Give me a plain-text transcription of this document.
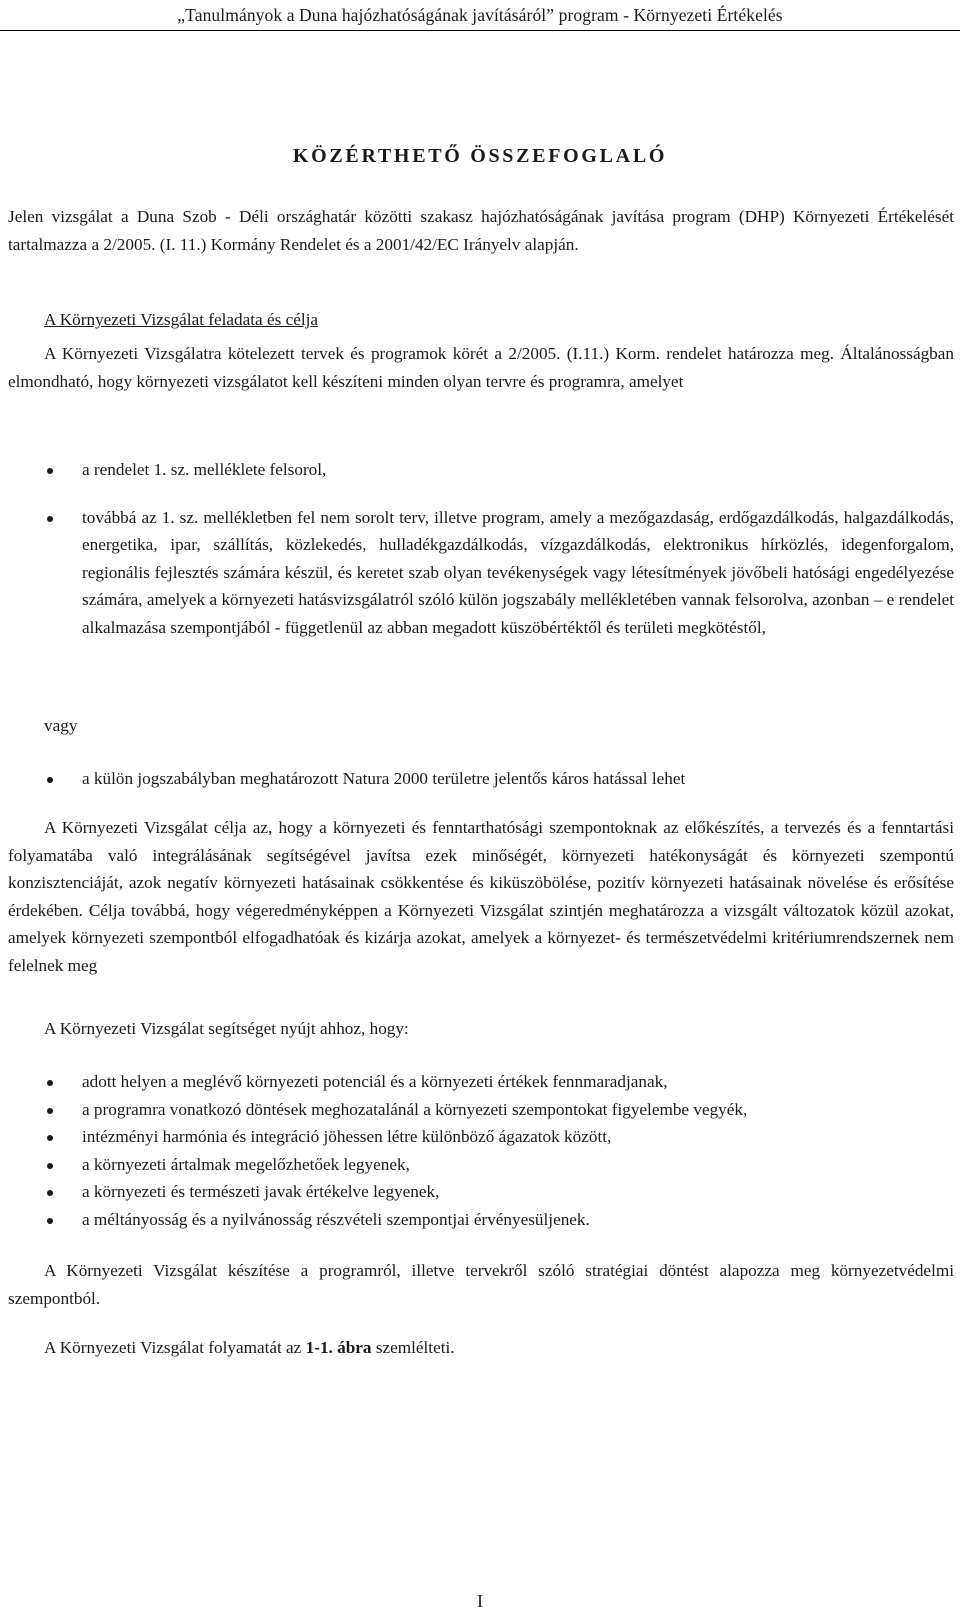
„Tanulmányok a Duna hajózhatóságának javításáról” program - Környezeti Értékelés
KÖZÉRTHETŐ ÖSSZEFOGLALÓ
Jelen vizsgálat a Duna Szob - Déli országhatár közötti szakasz hajózhatóságának javítása program (DHP) Környezeti Értékelését tartalmazza a 2/2005. (I. 11.) Kormány Rendelet és a 2001/42/EC Irányelv alapján.
A Környezeti Vizsgálat feladata és célja
A Környezeti Vizsgálatra kötelezett tervek és programok körét a 2/2005. (I.11.) Korm. rendelet határozza meg. Általánosságban elmondható, hogy környezeti vizsgálatot kell készíteni minden olyan tervre és programra, amelyet
a rendelet 1. sz. melléklete felsorol,
továbbá az 1. sz. mellékletben fel nem sorolt terv, illetve program, amely a mezőgazdaság, erdőgazdálkodás, halgazdálkodás, energetika, ipar, szállítás, közlekedés, hulladékgazdálkodás, vízgazdálkodás, elektronikus hírközlés, idegenforgalom, regionális fejlesztés számára készül, és keretet szab olyan tevékenységek vagy létesítmények jövőbeli hatósági engedélyezése számára, amelyek a környezeti hatásvizsgálatról szóló külön jogszabály mellékletében vannak felsorolva, azonban – e rendelet alkalmazása szempontjából - függetlenül az abban megadott küszöbértéktől és területi megkötéstől,
vagy
a külön jogszabályban meghatározott Natura 2000 területre jelentős káros hatással lehet
A Környezeti Vizsgálat célja az, hogy a környezeti és fenntarthatósági szempontoknak az előkészítés, a tervezés és a fenntartási folyamatába való integrálásának segítségével javítsa ezek minőségét, környezeti hatékonyságát és környezeti szempontú konzisztenciáját, azok negatív környezeti hatásainak csökkentése és kiküszöbölése, pozitív környezeti hatásainak növelése és erősítése érdekében. Célja továbbá, hogy végeredményképpen a Környezeti Vizsgálat szintjén meghatározza a vizsgált változatok közül azokat, amelyek környezeti szempontból elfogadhatóak és kizárja azokat, amelyek a környezet- és természetvédelmi kritériumrendszernek nem felelnek meg
A Környezeti Vizsgálat segítséget nyújt ahhoz, hogy:
adott helyen a meglévő környezeti potenciál és a környezeti értékek fennmaradjanak,
a programra vonatkozó döntések meghozatalánál a környezeti szempontokat figyelembe vegyék,
intézményi harmónia és integráció jöhessen létre különböző ágazatok között,
a környezeti ártalmak megelőzhetőek legyenek,
a környezeti és természeti javak értékelve legyenek,
a méltányosság és a nyilvánosság részvételi szempontjai érvényesüljenek.
A Környezeti Vizsgálat készítése a programról, illetve tervekről szóló stratégiai döntést alapozza meg környezetvédelmi szempontból.
A Környezeti Vizsgálat folyamatát az 1-1. ábra szemlélteti.
I
